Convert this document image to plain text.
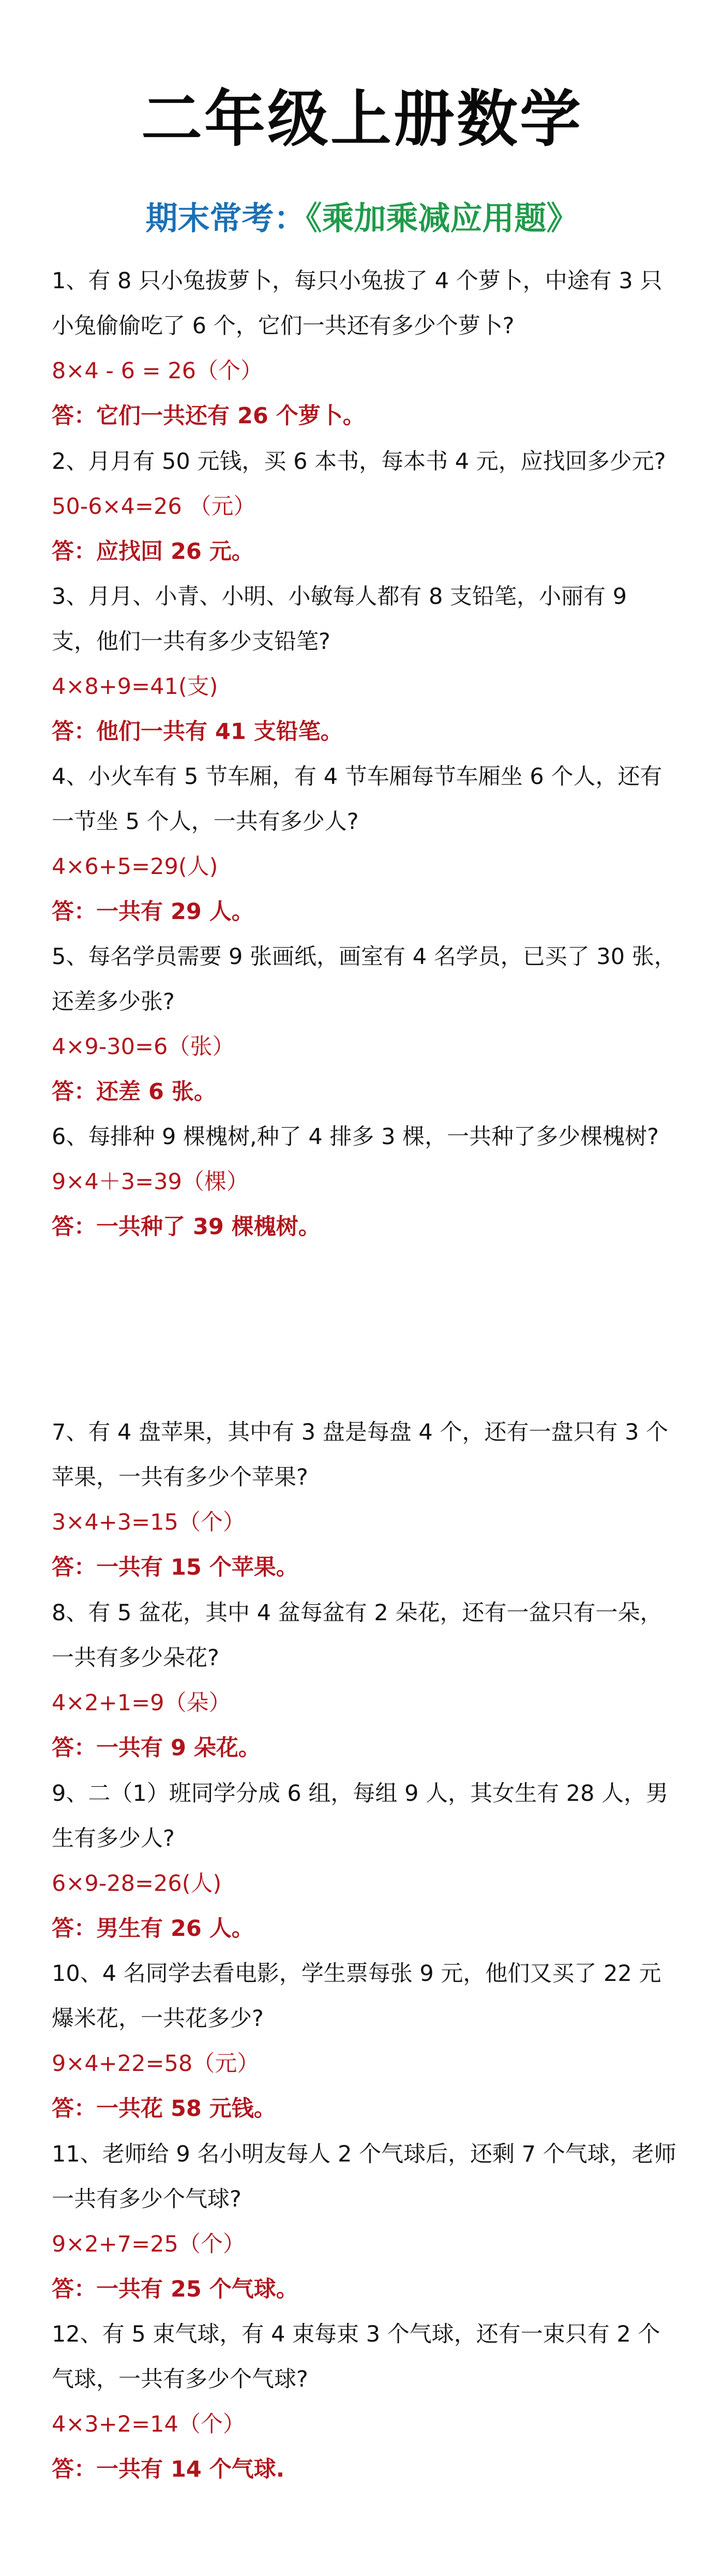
二年级上册数学
期末常考：《乘加乘减应用题》

1、有 8 只小兔拔萝卜，每只小兔拔了 4 个萝卜，中途有 3 只小兔偷偷吃了 6 个，它们一共还有多少个萝卜?

8×4 - 6 = 26（个）

答：它们一共还有 26 个萝卜。

2、月月有 50 元钱，买 6 本书，每本书 4 元，应找回多少元?

50-6×4=26 （元）

答：应找回 26 元。

3、月月、小青、小明、小敏每人都有 8 支铅笔，小丽有 9 支，他们一共有多少支铅笔?

4×8+9=41(支)

答：他们一共有 41 支铅笔。

4、小火车有 5 节车厢，有 4 节车厢每节车厢坐 6 个人，还有一节坐 5 个人，一共有多少人?

4×6+5=29(人)

答：一共有 29 人。

5、每名学员需要 9 张画纸，画室有 4 名学员，已买了 30 张，还差多少张?

4×9-30=6（张）

答：还差 6 张。

6、每排种 9 棵槐树,种了 4 排多 3 棵，一共种了多少棵槐树?

9×4＋3=39（棵）

答：一共种了 39 棵槐树。

7、有 4 盘苹果，其中有 3 盘是每盘 4 个，还有一盘只有 3 个苹果，一共有多少个苹果?

3×4+3=15（个）

答：一共有 15 个苹果。

8、有 5 盆花，其中 4 盆每盆有 2 朵花，还有一盆只有一朵，一共有多少朵花?

4×2+1=9（朵）

答：一共有 9 朵花。

9、二（1）班同学分成 6 组，每组 9 人，其女生有 28 人，男生有多少人?

6×9-28=26(人)

答：男生有 26 人。

10、4 名同学去看电影，学生票每张 9 元，他们又买了 22 元爆米花，一共花多少?

9×4+22=58（元）

答：一共花 58 元钱。

11、老师给 9 名小明友每人 2 个气球后，还剩 7 个气球，老师一共有多少个气球?

9×2+7=25（个）

答：一共有 25 个气球。

12、有 5 束气球，有 4 束每束 3 个气球，还有一束只有 2 个气球，一共有多少个气球?

4×3+2=14（个）

答：一共有 14 个气球.
